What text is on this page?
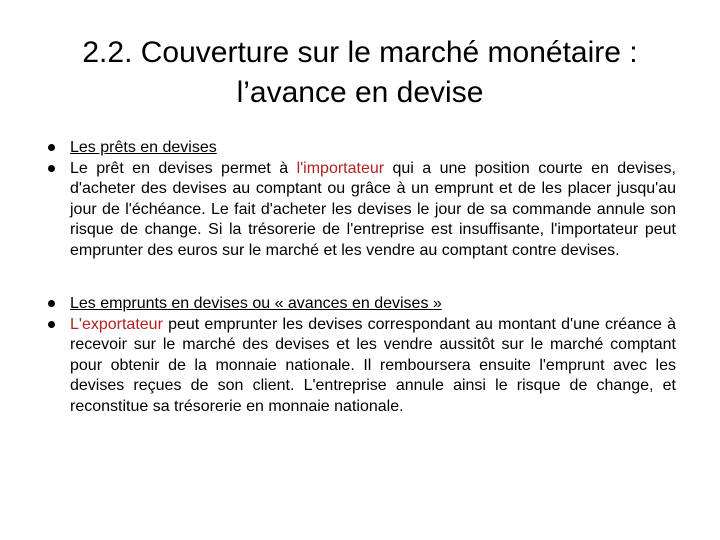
2.2. Couverture sur le marché monétaire :
l’avance en devise
Les prêts en devises
Le prêt en devises permet à l'importateur qui a une position courte en devises, d'acheter des devises au comptant ou grâce à un emprunt et de les placer jusqu'au jour de l'échéance. Le fait d'acheter les devises le jour de sa commande annule son risque de change. Si la trésorerie de l'entreprise est insuffisante, l'importateur peut emprunter des euros sur le marché et les vendre au comptant contre devises.
Les emprunts en devises ou « avances en devises »
L'exportateur peut emprunter les devises correspondant au montant d'une créance à recevoir sur le marché des devises et les vendre aussitôt sur le marché comptant pour obtenir de la monnaie nationale. Il remboursera ensuite l'emprunt avec les devises reçues de son client. L'entreprise annule ainsi le risque de change, et reconstitue sa trésorerie en monnaie nationale.
